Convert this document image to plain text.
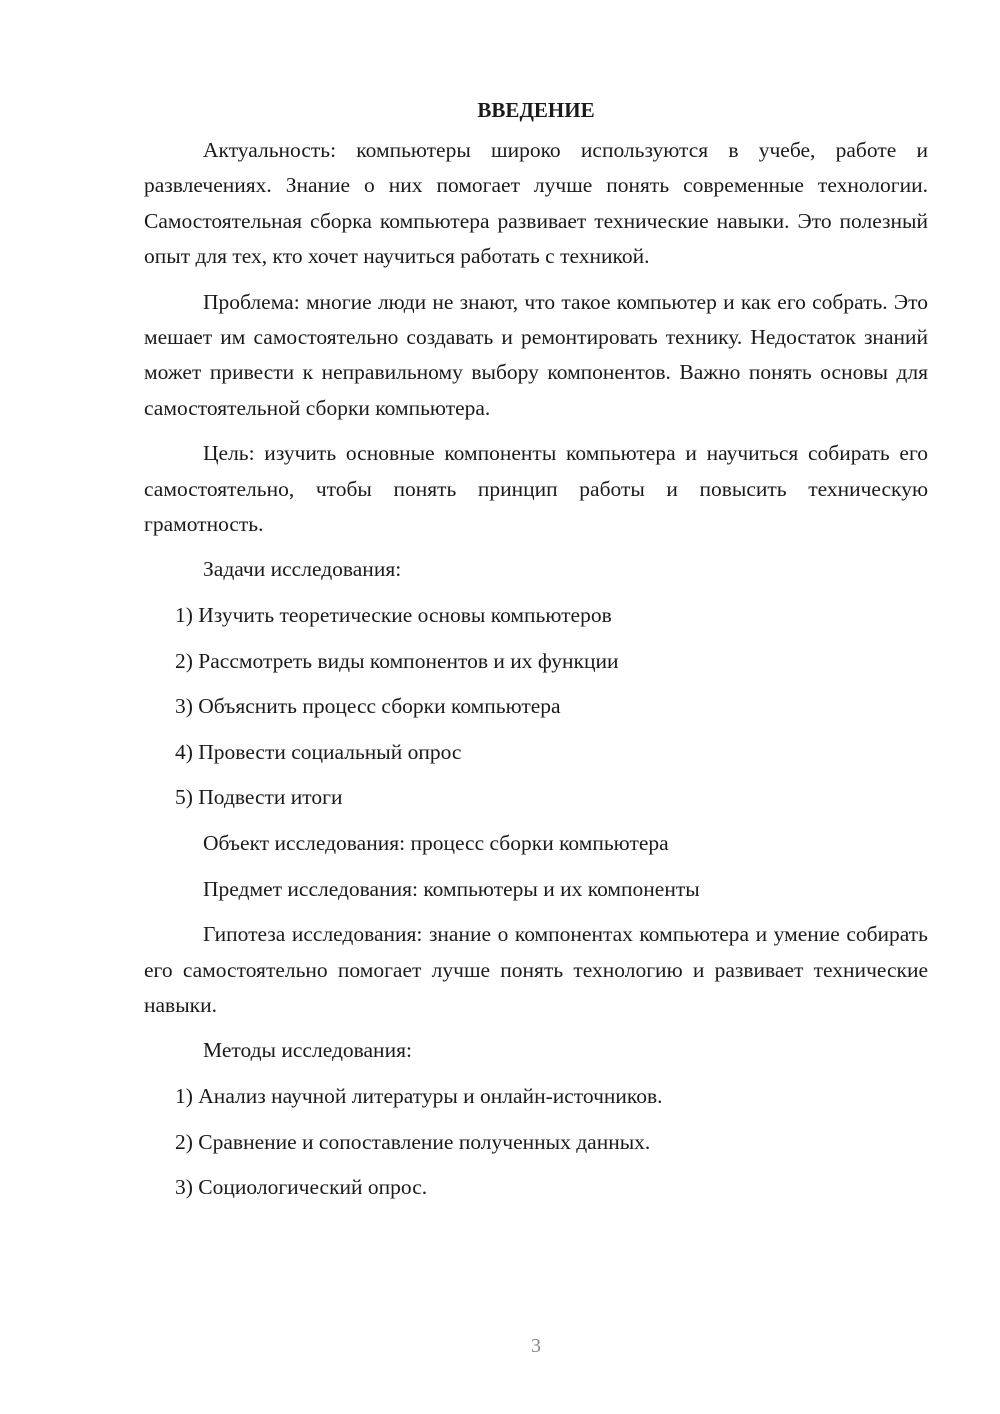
ВВЕДЕНИЕ

Актуальность: компьютеры широко используются в учебе, работе и развлечениях. Знание о них помогает лучше понять современные технологии. Самостоятельная сборка компьютера развивает технические навыки. Это полезный опыт для тех, кто хочет научиться работать с техникой.

Проблема: многие люди не знают, что такое компьютер и как его собрать. Это мешает им самостоятельно создавать и ремонтировать технику. Недостаток знаний может привести к неправильному выбору компонентов. Важно понять основы для самостоятельной сборки компьютера.

Цель: изучить основные компоненты компьютера и научиться собирать его самостоятельно, чтобы понять принцип работы и повысить техническую грамотность.

Задачи исследования:
1) Изучить теоретические основы компьютеров
2) Рассмотреть виды компонентов и их функции
3) Объяснить процесс сборки компьютера
4) Провести социальный опрос
5) Подвести итоги
Объект исследования: процесс сборки компьютера
Предмет исследования: компьютеры и их компоненты

Гипотеза исследования: знание о компонентах компьютера и умение собирать его самостоятельно помогает лучше понять технологию и развивает технические навыки.

Методы исследования:
1) Анализ научной литературы и онлайн-источников.
2) Сравнение и сопоставление полученных данных.
3) Социологический опрос.
3
